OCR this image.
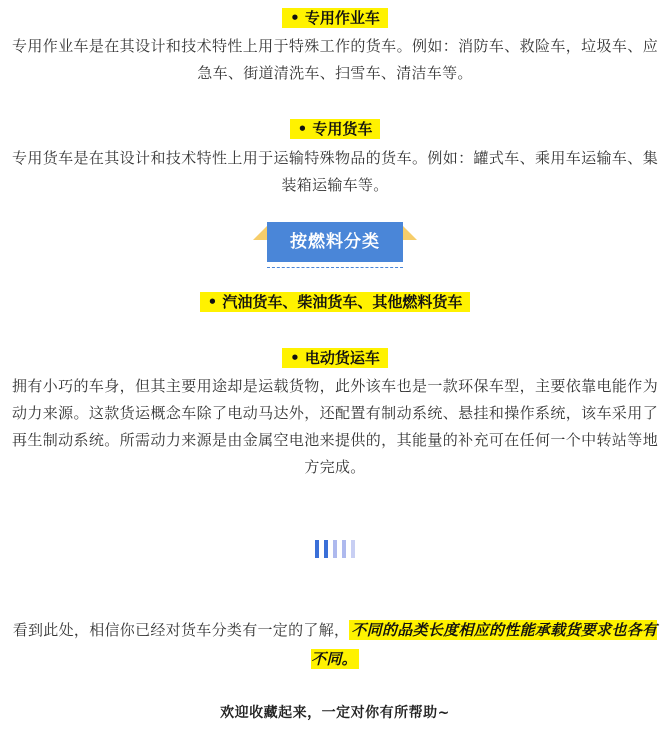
• 专用作业车

专用作业车是在其设计和技术特性上用于特殊工作的货车。例如：消防车、救险车，垃圾车、应急车、街道清洗车、扫雪车、清洁车等。

• 专用货车

专用货车是在其设计和技术特性上用于运输特殊物品的货车。例如：罐式车、乘用车运输车、集装箱运输车等。

按燃料分类
• 汽油货车、柴油货车、其他燃料货车
• 电动货运车

拥有小巧的车身，但其主要用途却是运载货物，此外该车也是一款环保车型，主要依靠电能作为动力来源。这款货运概念车除了电动马达外，还配置有制动系统、悬挂和操作系统，该车采用了再生制动系统。所需动力来源是由金属空电池来提供的，其能量的补充可在任何一个中转站等地方完成。

看到此处，相信你已经对货车分类有一定的了解， 不同的品类长度相应的性能承载货要求也各有不同。
欢迎收藏起来，一定对你有所帮助~
